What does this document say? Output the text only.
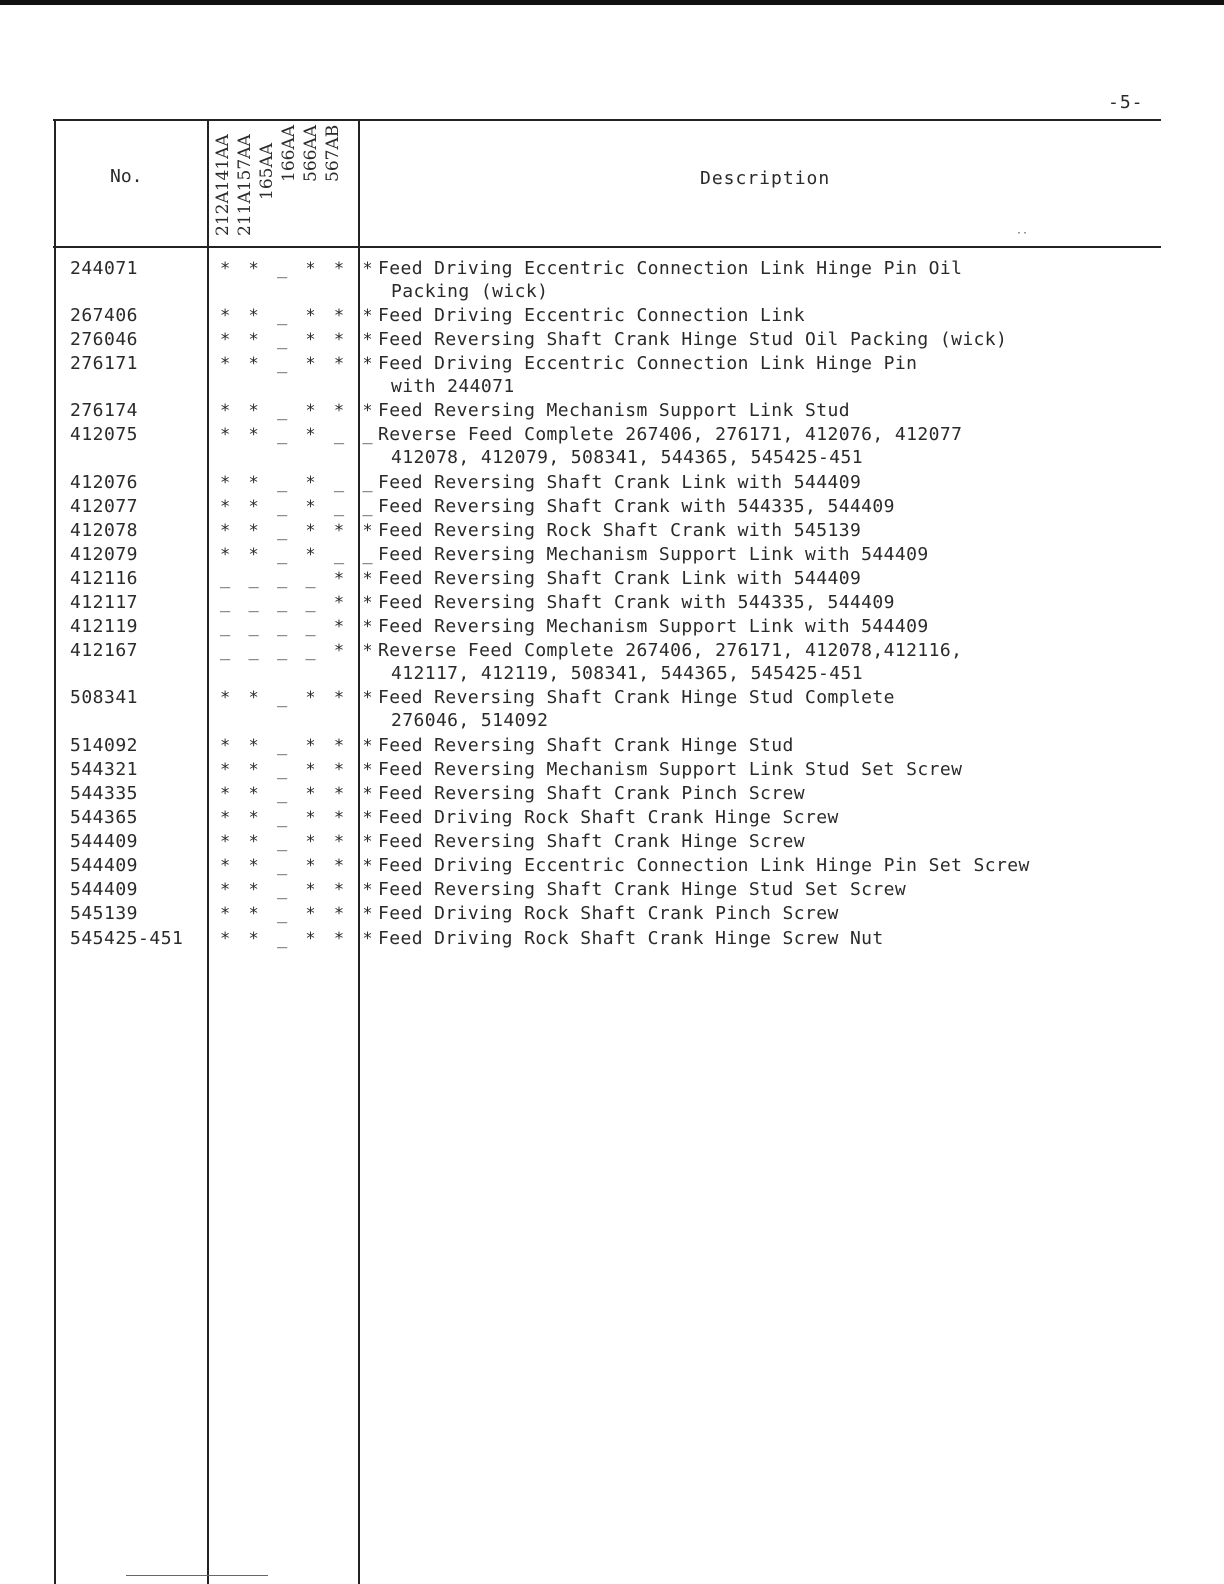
-5-
No.	212A141AA 211A157AA 165AA 166AA 566AA 567AB	Description
··
244071	* * _ * * * Feed Driving Eccentric Connection Link Hinge Pin Oil
Packing (wick)
267406	* * _ * * * Feed Driving Eccentric Connection Link
276046	* * _ * * * Feed Reversing Shaft Crank Hinge Stud Oil Packing (wick)
276171	* * _ * * * Feed Driving Eccentric Connection Link Hinge Pin
with 244071
276174	* * _ * * * Feed Reversing Mechanism Support Link Stud
412075	* * _ * _ _ Reverse Feed Complete 267406, 276171, 412076, 412077
412078, 412079, 508341, 544365, 545425-451
412076	* * _ * _ _ Feed Reversing Shaft Crank Link with 544409
412077	* * _ * _ _ Feed Reversing Shaft Crank with 544335, 544409
412078	* * _ * * * Feed Reversing Rock Shaft Crank with 545139
412079	* * _ * _ _ Feed Reversing Mechanism Support Link with 544409
412116	_ _ _ _ * * Feed Reversing Shaft Crank Link with 544409
412117	_ _ _ _ * * Feed Reversing Shaft Crank with 544335, 544409
412119	_ _ _ _ * * Feed Reversing Mechanism Support Link with 544409
412167	_ _ _ _ * * Reverse Feed Complete 267406, 276171, 412078,412116,
412117, 412119, 508341, 544365, 545425-451
508341	* * _ * * * Feed Reversing Shaft Crank Hinge Stud Complete
276046, 514092
514092	* * _ * * * Feed Reversing Shaft Crank Hinge Stud
544321	* * _ * * * Feed Reversing Mechanism Support Link Stud Set Screw
544335	* * _ * * * Feed Reversing Shaft Crank Pinch Screw
544365	* * _ * * * Feed Driving Rock Shaft Crank Hinge Screw
544409	* * _ * * * Feed Reversing Shaft Crank Hinge Screw
544409	* * _ * * * Feed Driving Eccentric Connection Link Hinge Pin Set Screw
544409	* * _ * * * Feed Reversing Shaft Crank Hinge Stud Set Screw
545139	* * _ * * * Feed Driving Rock Shaft Crank Pinch Screw
545425-451 * * _ * * * Feed Driving Rock Shaft Crank Hinge Screw Nut
